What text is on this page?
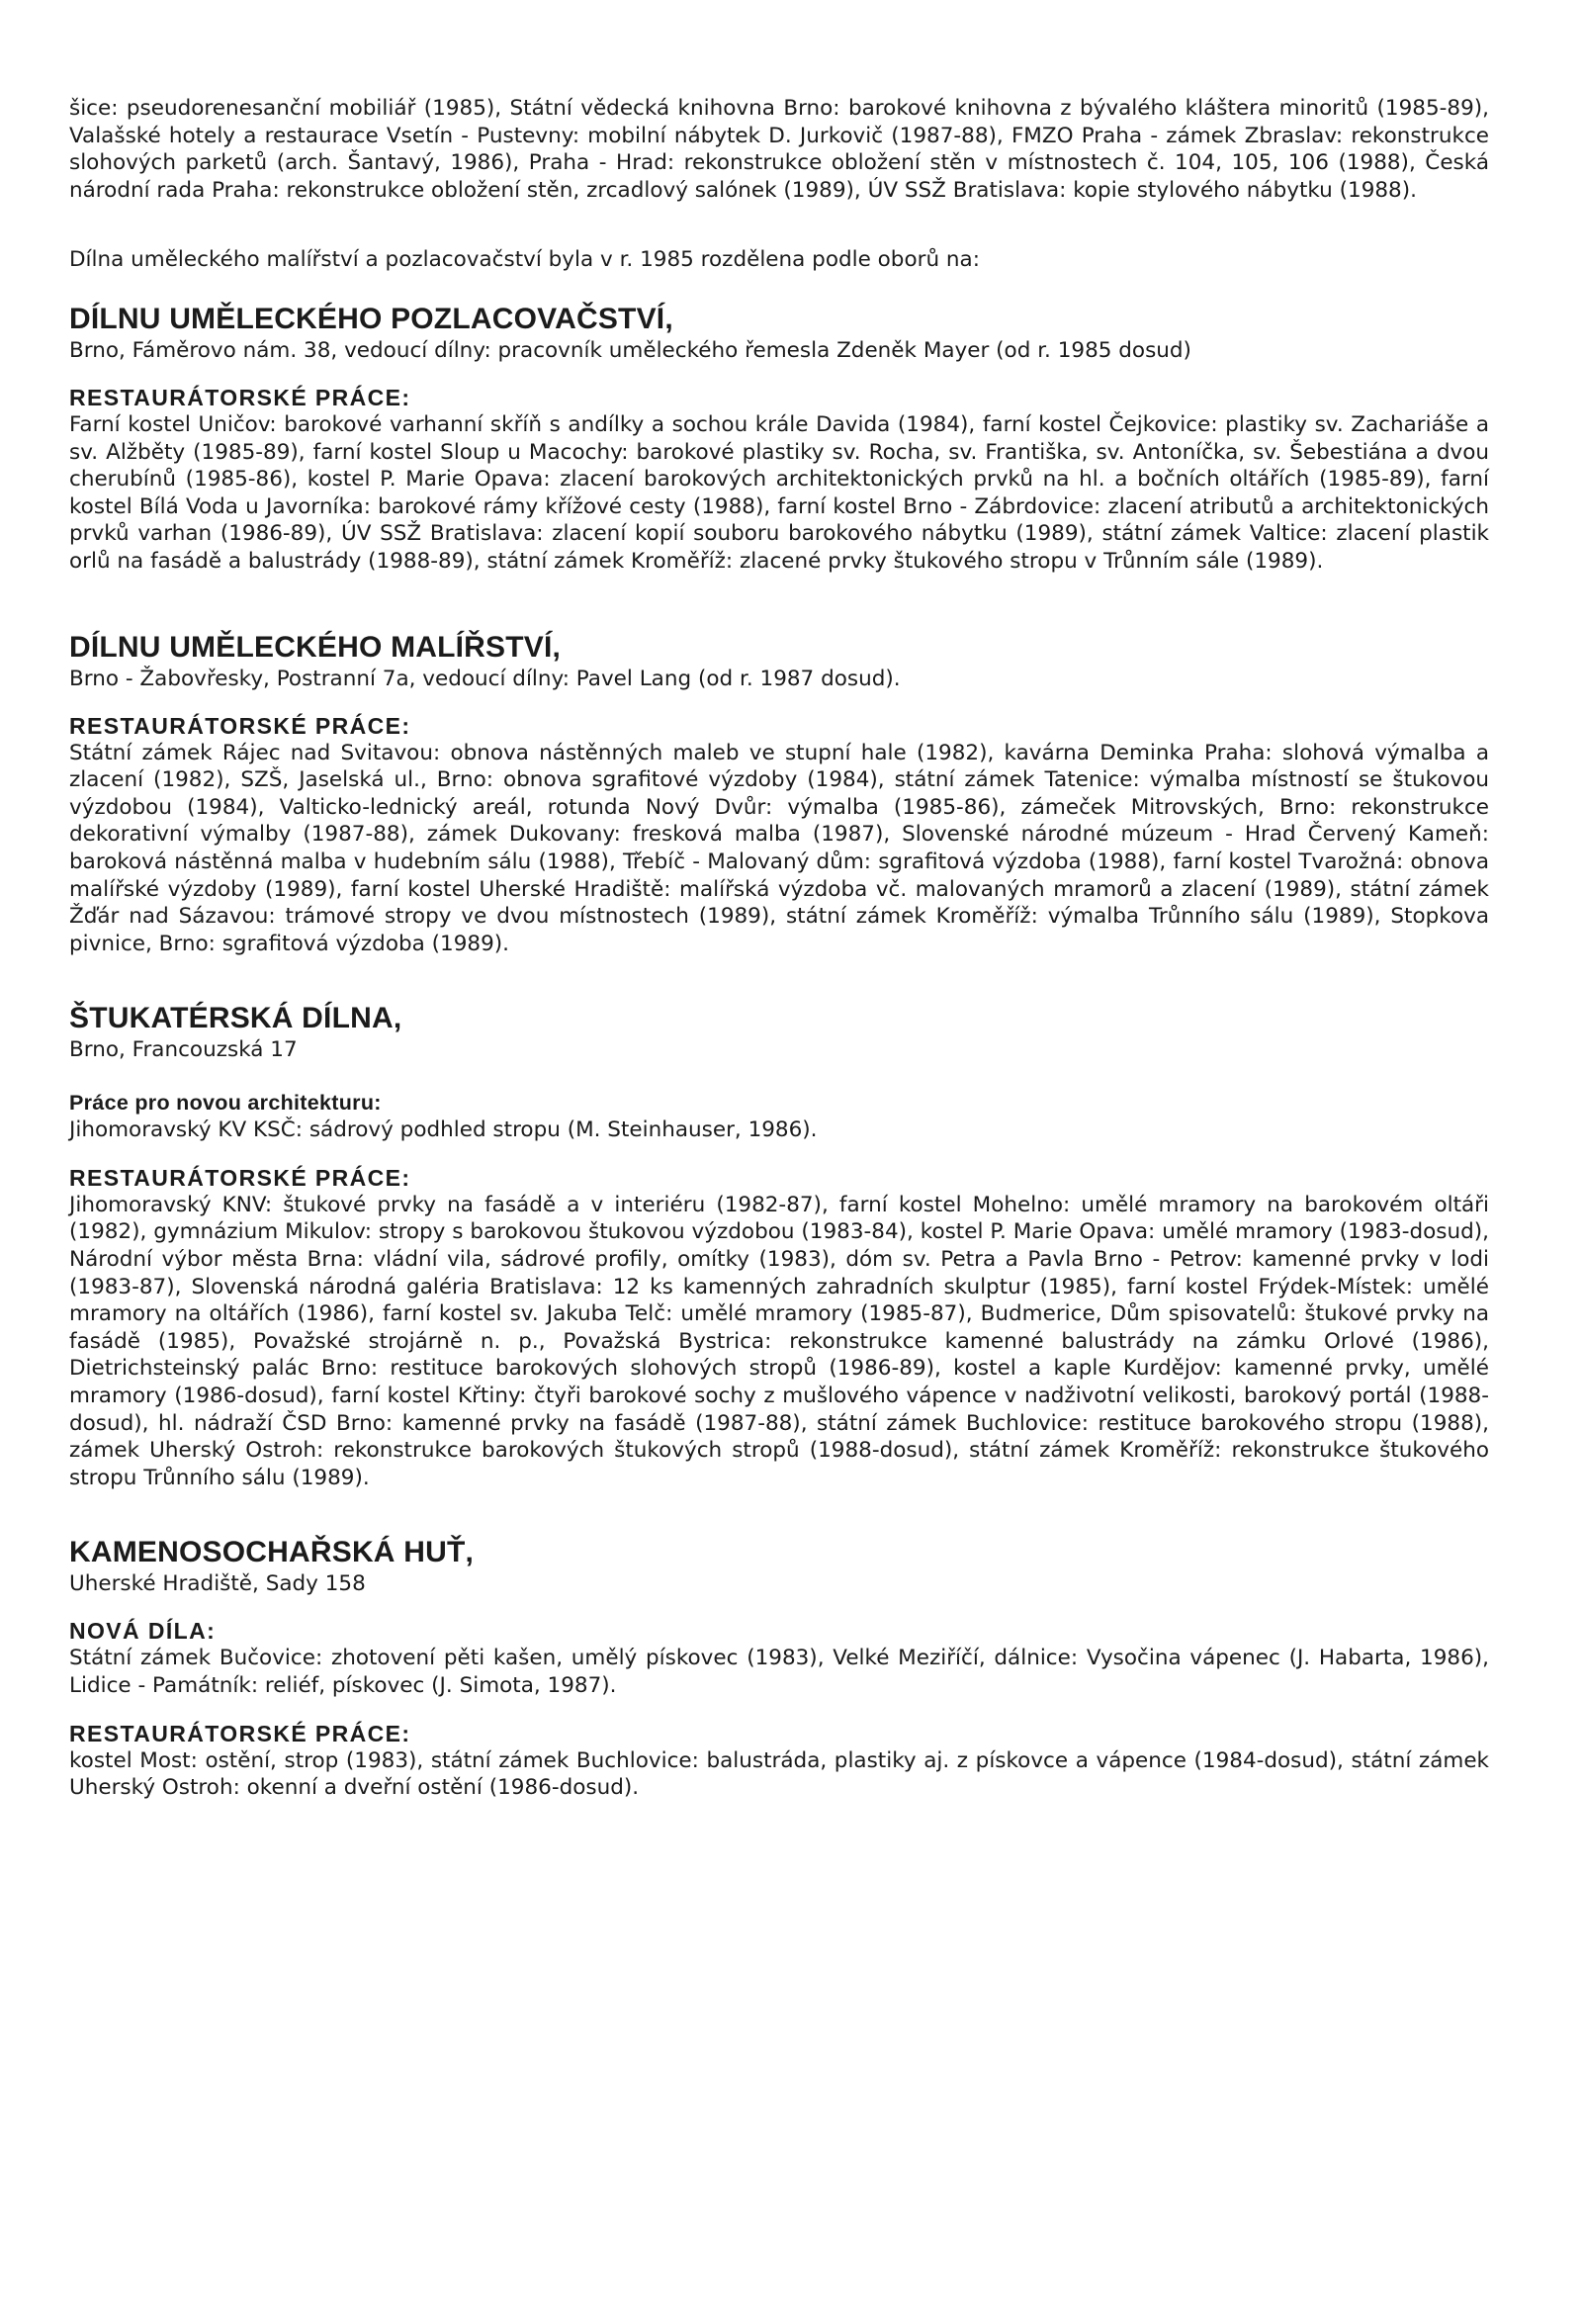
šice: pseudorenesanční mobiliář (1985), Státní vědecká knihovna Brno: barokové knihovna z bývalého kláštera minoritů (1985-89), Valašské hotely a restaurace Vsetín - Pustevny: mobilní nábytek D. Jurkovič (1987-88), FMZO Praha - zámek Zbraslav: rekonstrukce slohových parketů (arch. Šantavý, 1986), Praha - Hrad: rekonstrukce obložení stěn v místnostech č. 104, 105, 106 (1988), Česká národní rada Praha: rekonstrukce obložení stěn, zrcadlový salónek (1989), ÚV SSŽ Bratislava: kopie stylového nábytku (1988).

Dílna uměleckého malířství a pozlacovačství byla v r. 1985 rozdělena podle oborů na:

DÍLNU UMĚLECKÉHO POZLACOVAČSTVÍ,

Brno, Fáměrovo nám. 38, vedoucí dílny: pracovník uměleckého řemesla Zdeněk Mayer (od r. 1985 dosud)

RESTAURÁTORSKÉ PRÁCE:

Farní kostel Uničov: barokové varhanní skříň s andílky a sochou krále Davida (1984), farní kostel Čejkovice: plastiky sv. Zachariáše a sv. Alžběty (1985-89), farní kostel Sloup u Macochy: barokové plastiky sv. Rocha, sv. Františka, sv. Antoníčka, sv. Šebestiána a dvou cherubínů (1985-86), kostel P. Marie Opava: zlacení barokových architektonických prvků na hl. a bočních oltářích (1985-89), farní kostel Bílá Voda u Javorníka: barokové rámy křížové cesty (1988), farní kostel Brno - Zábrdovice: zlacení atributů a architektonických prvků varhan (1986-89), ÚV SSŽ Bratislava: zlacení kopií souboru barokového nábytku (1989), státní zámek Valtice: zlacení plastik orlů na fasádě a balustrády (1988-89), státní zámek Kroměříž: zlacené prvky štukového stropu v Trůnním sále (1989).

DÍLNU UMĚLECKÉHO MALÍŘSTVÍ,

Brno - Žabovřesky, Postranní 7a, vedoucí dílny: Pavel Lang (od r. 1987 dosud).

RESTAURÁTORSKÉ PRÁCE:

Státní zámek Rájec nad Svitavou: obnova nástěnných maleb ve stupní hale (1982), kavárna Deminka Praha: slohová výmalba a zlacení (1982), SZŠ, Jaselská ul., Brno: obnova sgrafitové výzdoby (1984), státní zámek Tatenice: výmalba místností se štukovou výzdobou (1984), Valticko-lednický areál, rotunda Nový Dvůr: výmalba (1985-86), zámeček Mitrovských, Brno: rekonstrukce dekorativní výmalby (1987-88), zámek Dukovany: fresková malba (1987), Slovenské národné múzeum - Hrad Červený Kameň: baroková nástěnná malba v hudebním sálu (1988), Třebíč - Malovaný dům: sgrafitová výzdoba (1988), farní kostel Tvarožná: obnova malířské výzdoby (1989), farní kostel Uherské Hradiště: malířská výzdoba vč. malovaných mramorů a zlacení (1989), státní zámek Žďár nad Sázavou: trámové stropy ve dvou místnostech (1989), státní zámek Kroměříž: výmalba Trůnního sálu (1989), Stopkova pivnice, Brno: sgrafitová výzdoba (1989).

ŠTUKATÉRSKÁ DÍLNA,

Brno, Francouzská 17

Práce pro novou architekturu:

Jihomoravský KV KSČ: sádrový podhled stropu (M. Steinhauser, 1986).

RESTAURÁTORSKÉ PRÁCE:

Jihomoravský KNV: štukové prvky na fasádě a v interiéru (1982-87), farní kostel Mohelno: umělé mramory na barokovém oltáři (1982), gymnázium Mikulov: stropy s barokovou štukovou výzdobou (1983-84), kostel P. Marie Opava: umělé mramory (1983-dosud), Národní výbor města Brna: vládní vila, sádrové profily, omítky (1983), dóm sv. Petra a Pavla Brno - Petrov: kamenné prvky v lodi (1983-87), Slovenská národná galéria Bratislava: 12 ks kamenných zahradních skulptur (1985), farní kostel Frýdek-Místek: umělé mramory na oltářích (1986), farní kostel sv. Jakuba Telč: umělé mramory (1985-87), Budmerice, Dům spisovatelů: štukové prvky na fasádě (1985), Považské strojárně n. p., Považská Bystrica: rekonstrukce kamenné balustrády na zámku Orlové (1986), Dietrichsteinský palác Brno: restituce barokových slohových stropů (1986-89), kostel a kaple Kurdějov: kamenné prvky, umělé mramory (1986-dosud), farní kostel Křtiny: čtyři barokové sochy z mušlového vápence v nadživotní velikosti, barokový portál (1988-dosud), hl. nádraží ČSD Brno: kamenné prvky na fasádě (1987-88), státní zámek Buchlovice: restituce barokového stropu (1988), zámek Uherský Ostroh: rekonstrukce barokových štukových stropů (1988-dosud), státní zámek Kroměříž: rekonstrukce štukového stropu Trůnního sálu (1989).

KAMENOSOCHAŘSKÁ HUŤ,

Uherské Hradiště, Sady 158

NOVÁ DÍLA:

Státní zámek Bučovice: zhotovení pěti kašen, umělý pískovec (1983), Velké Meziříčí, dálnice: Vysočina vápenec (J. Habarta, 1986), Lidice - Památník: reliéf, pískovec (J. Simota, 1987).

RESTAURÁTORSKÉ PRÁCE:

kostel Most: ostění, strop (1983), státní zámek Buchlovice: balustráda, plastiky aj. z pískovce a vápence (1984-dosud), státní zámek Uherský Ostroh: okenní a dveřní ostění (1986-dosud).
